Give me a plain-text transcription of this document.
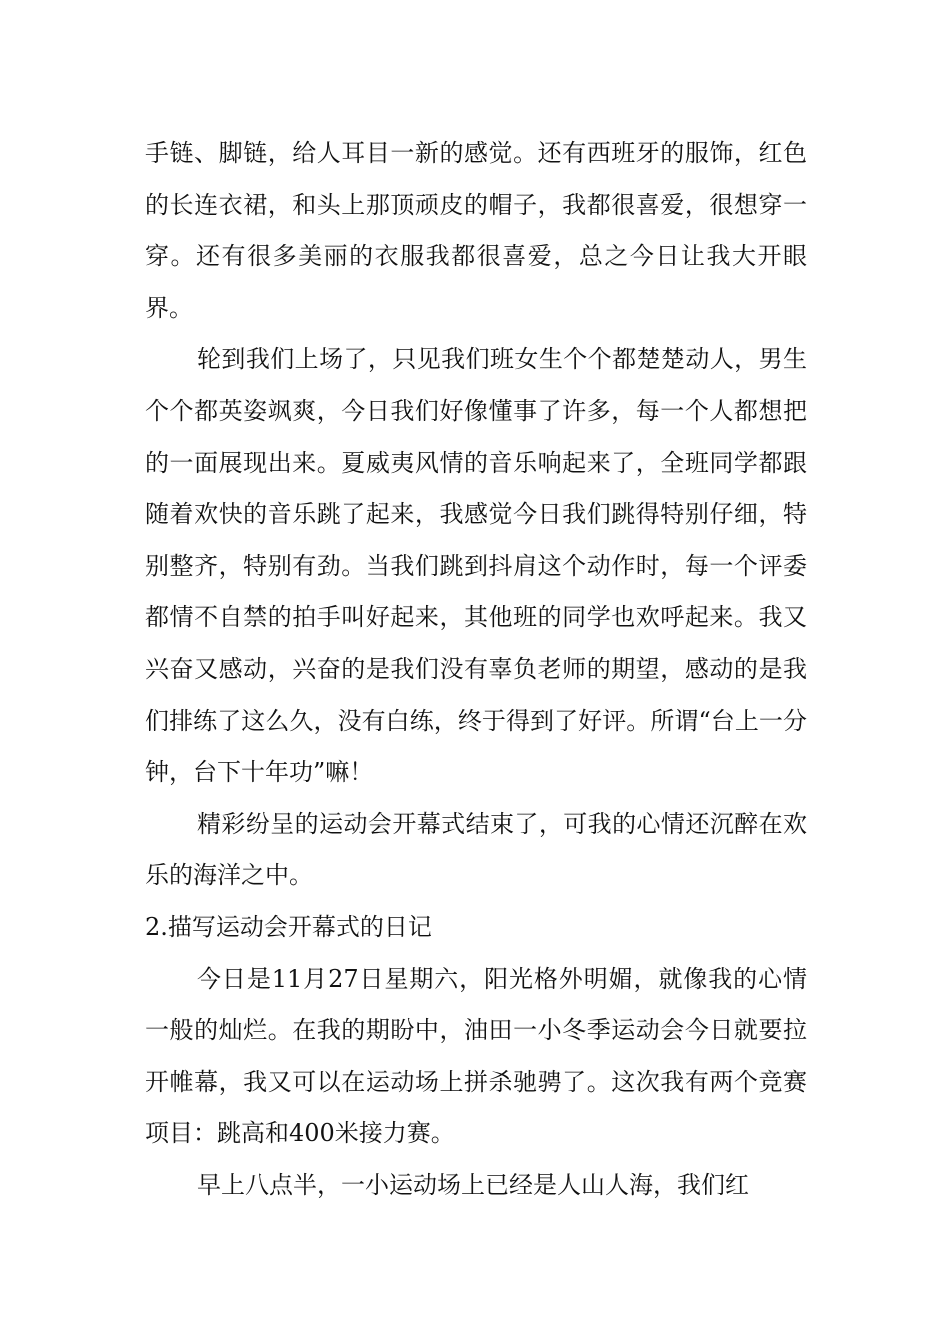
手链、脚链，给人耳目一新的感觉。还有西班牙的服饰，红色的长连衣裙，和头上那顶顽皮的帽子，我都很喜爱，很想穿一穿。还有很多美丽的衣服我都很喜爱，总之今日让我大开眼界。

轮到我们上场了，只见我们班女生个个都楚楚动人，男生个个都英姿飒爽，今日我们好像懂事了许多，每一个人都想把的一面展现出来。夏威夷风情的音乐响起来了，全班同学都跟随着欢快的音乐跳了起来，我感觉今日我们跳得特别仔细，特别整齐，特别有劲。当我们跳到抖肩这个动作时，每一个评委都情不自禁的拍手叫好起来，其他班的同学也欢呼起来。我又兴奋又感动，兴奋的是我们没有辜负老师的期望，感动的是我们排练了这么久，没有白练，终于得到了好评。所谓“台上一分钟，台下十年功”嘛！

精彩纷呈的运动会开幕式结束了，可我的心情还沉醉在欢乐的海洋之中。

2.描写运动会开幕式的日记

今日是11月27日星期六，阳光格外明媚，就像我的心情一般的灿烂。在我的期盼中，油田一小冬季运动会今日就要拉开帷幕，我又可以在运动场上拼杀驰骋了。这次我有两个竞赛项目：跳高和400米接力赛。

早上八点半，一小运动场上已经是人山人海，我们红
